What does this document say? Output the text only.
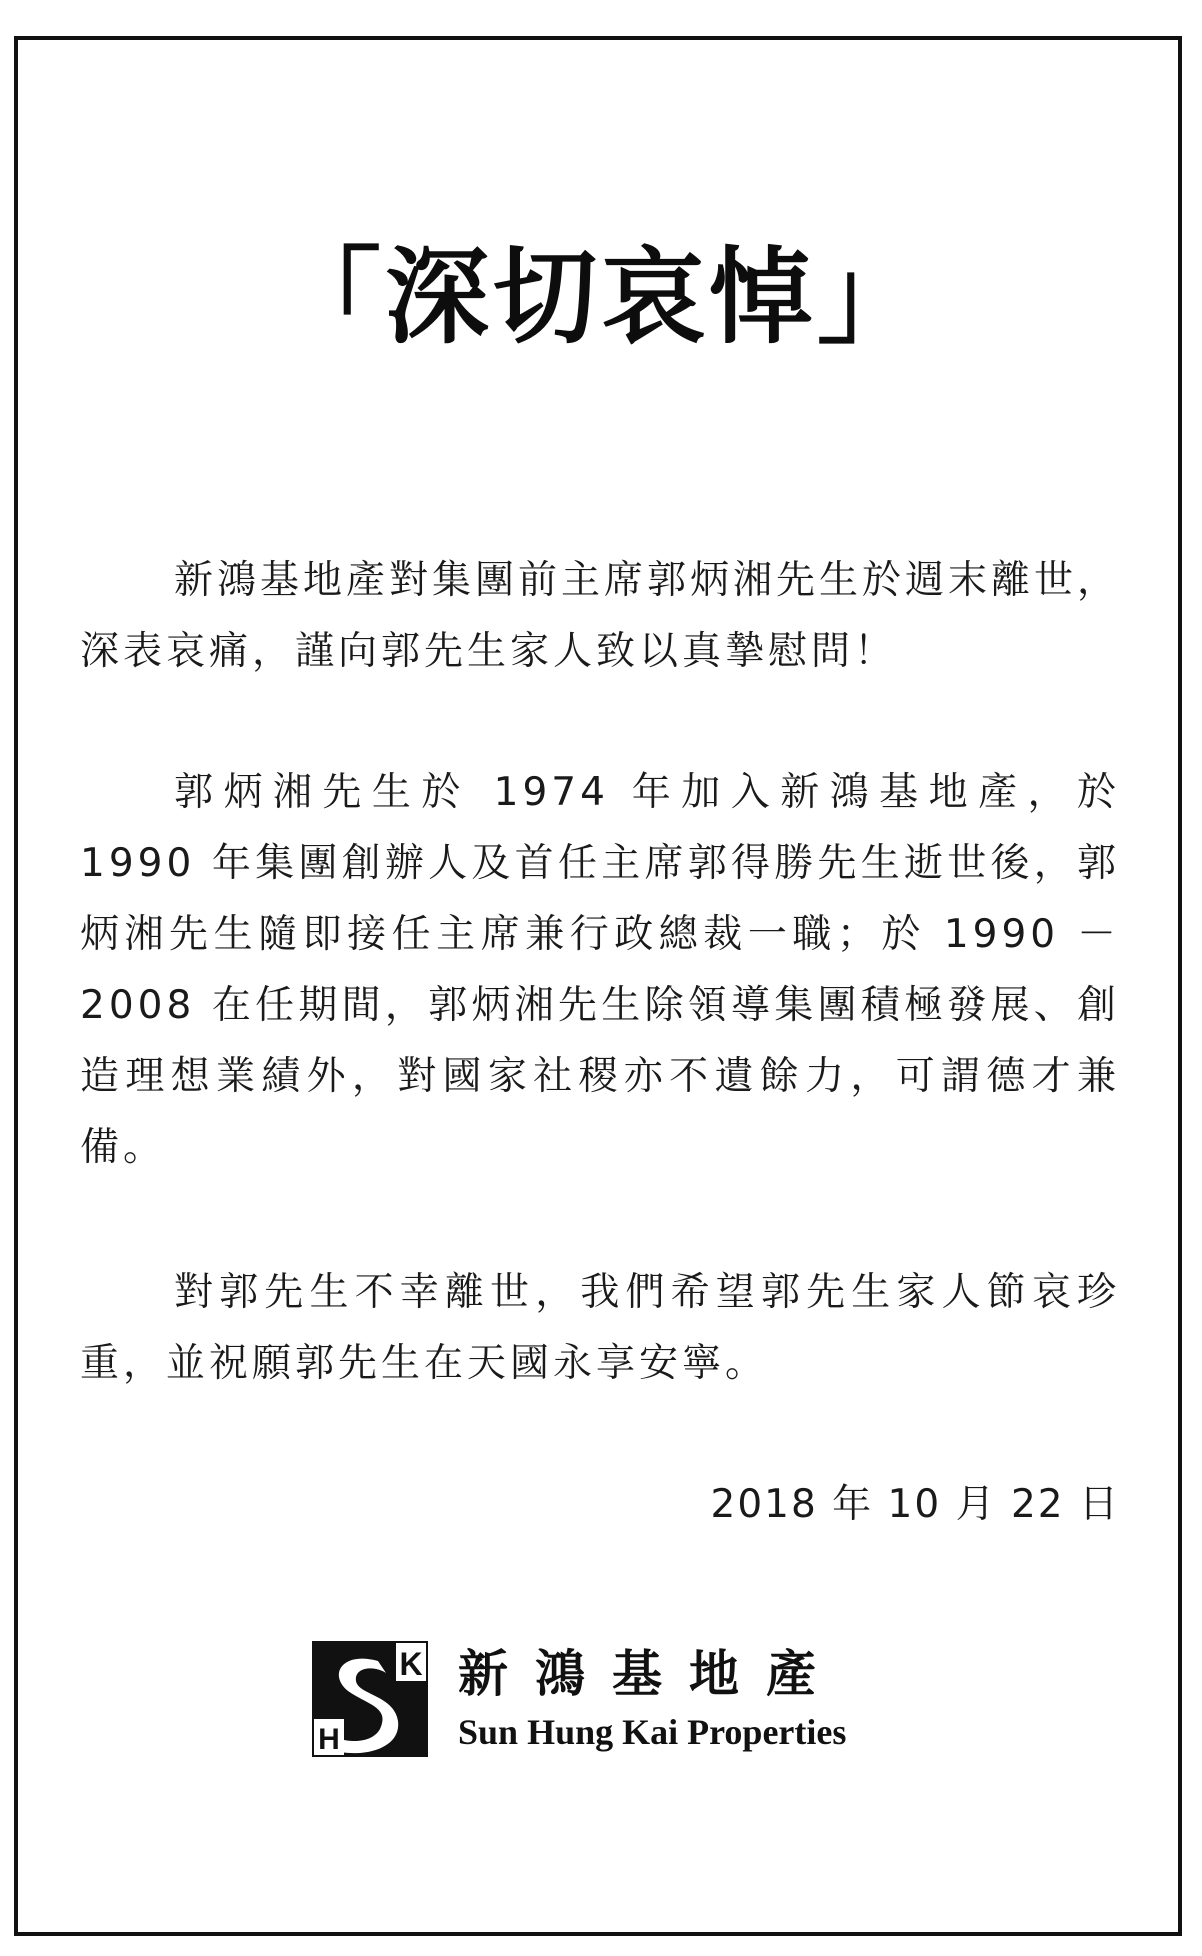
「深切哀悼」

新鴻基地產對集團前主席郭炳湘先生於週末離世，深表哀痛，謹向郭先生家人致以真摯慰問！

郭炳湘先生於 1974 年加入新鴻基地產，於 1990 年集團創辦人及首任主席郭得勝先生逝世後，郭炳湘先生隨即接任主席兼行政總裁一職；於 1990 － 2008 在任期間，郭炳湘先生除領導集團積極發展、創造理想業績外，對國家社稷亦不遺餘力，可謂德才兼備。

對郭先生不幸離世，我們希望郭先生家人節哀珍重，並祝願郭先生在天國永享安寧。

2018 年 10 月 22 日
K
H
新鴻基地產
Sun Hung Kai Properties
